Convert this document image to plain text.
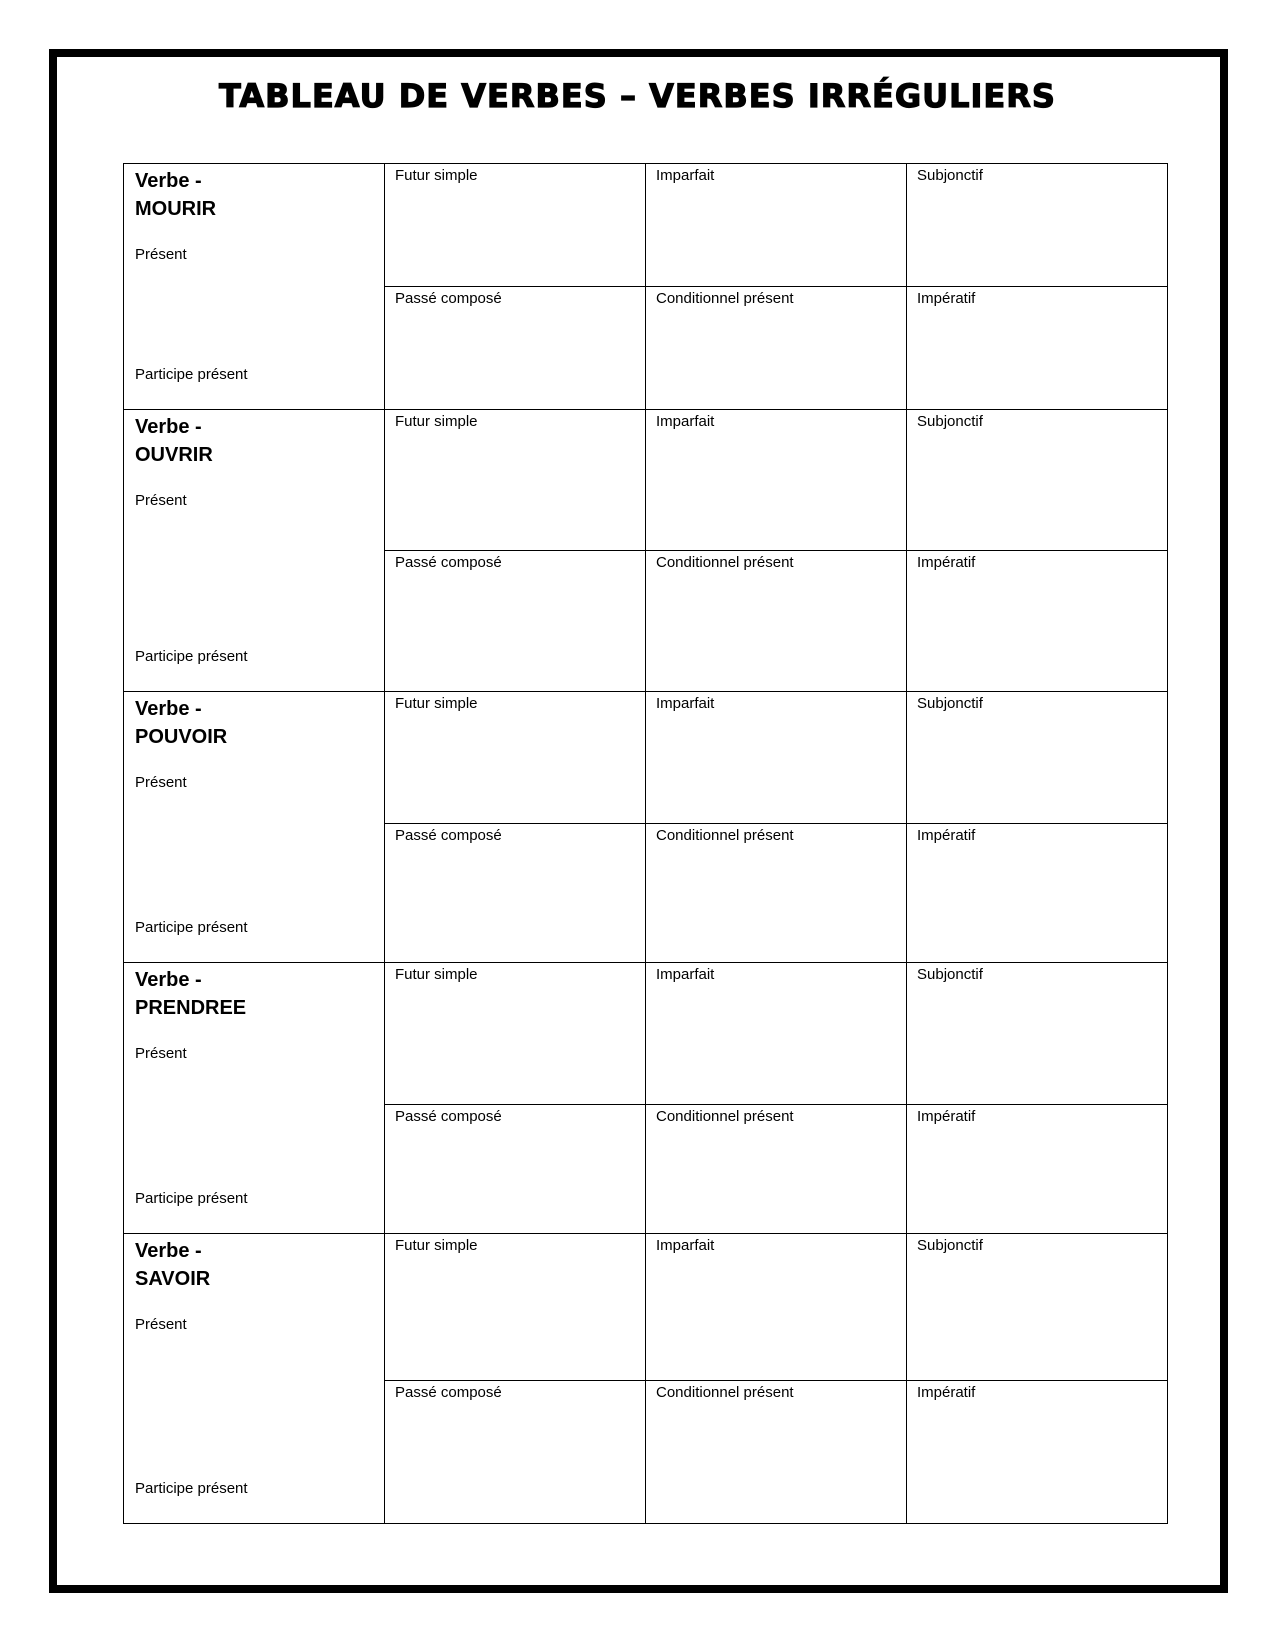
TABLEAU DE VERBES – VERBES IRRÉGULIERS
Verbe -
MOURIR
Présent
Participe présent	Futur simple	Imparfait	Subjonctif

	Passé composé	Conditionnel présent	Impératif

Verbe -
OUVRIR
Présent
Participe présent	Futur simple	Imparfait	Subjonctif

	Passé composé	Conditionnel présent	Impératif

Verbe -
POUVOIR
Présent
Participe présent	Futur simple	Imparfait	Subjonctif

	Passé composé	Conditionnel présent	Impératif

Verbe -
PRENDREE
Présent
Participe présent	Futur simple	Imparfait	Subjonctif

	Passé composé	Conditionnel présent	Impératif

Verbe -
SAVOIR
Présent
Participe présent	Futur simple	Imparfait	Subjonctif

	Passé composé	Conditionnel présent	Impératif
